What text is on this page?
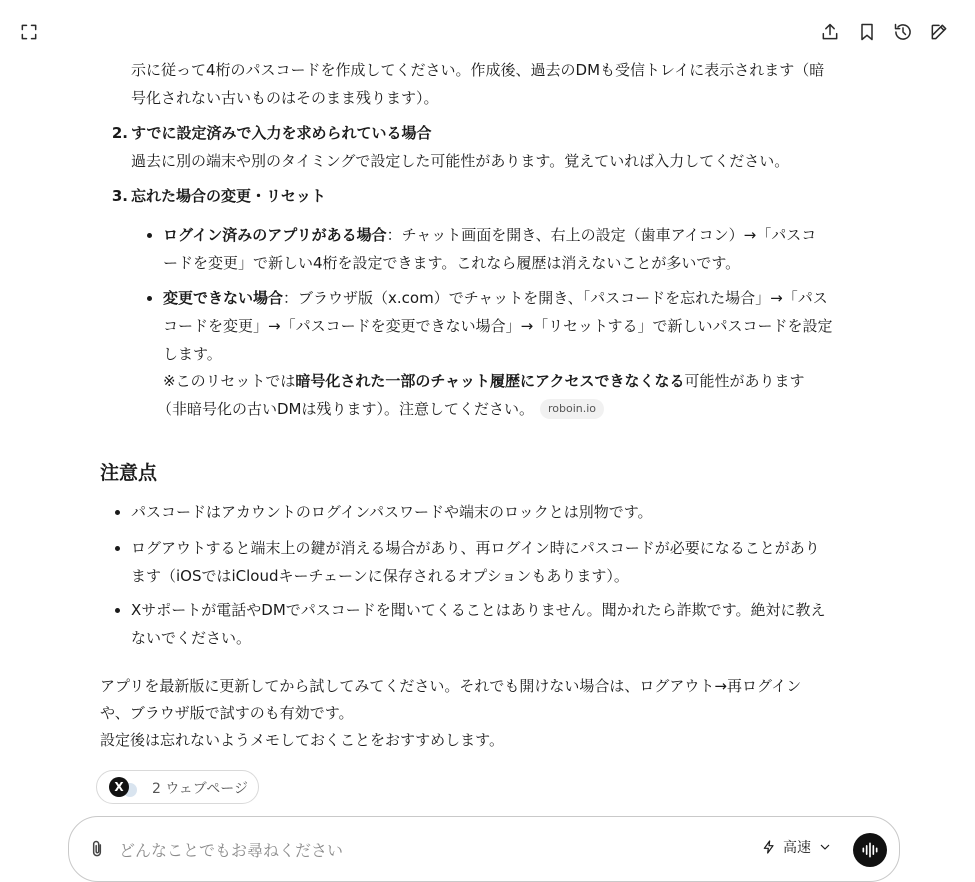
示に従って4桁のパスコードを作成してください。作成後、過去のDMも受信トレイに表示されます（暗
号化されない古いものはそのまま残ります）。
2. すでに設定済みで入力を求められている場合
過去に別の端末や別のタイミングで設定した可能性があります。覚えていれば入力してください。
3. 忘れた場合の変更・リセット
ログイン済みのアプリがある場合：チャット画面を開き、右上の設定（歯車アイコン）→「パスコ
ードを変更」で新しい4桁を設定できます。これなら履歴は消えないことが多いです。
変更できない場合：ブラウザ版（x.com）でチャットを開き、「パスコードを忘れた場合」→「パス
コードを変更」→「パスコードを変更できない場合」→「リセットする」で新しいパスコードを設定
します。
※このリセットでは暗号化された一部のチャット履歴にアクセスできなくなる可能性があります
（非暗号化の古いDMは残ります）。注意してください。 roboin.io
注意点
パスコードはアカウントのログインパスワードや端末のロックとは別物です。
ログアウトすると端末上の鍵が消える場合があり、再ログイン時にパスコードが必要になることがあり
ます（iOSではiCloudキーチェーンに保存されるオプションもあります）。
Xサポートが電話やDMでパスコードを聞いてくることはありません。聞かれたら詐欺です。絶対に教え
ないでください。
アプリを最新版に更新してから試してみてください。それでも開けない場合は、ログアウト→再ログイン
や、ブラウザ版で試すのも有効です。
設定後は忘れないようメモしておくことをおすすめします。
X	2 ウェブページ
どんなことでもお尋ねください
高速
